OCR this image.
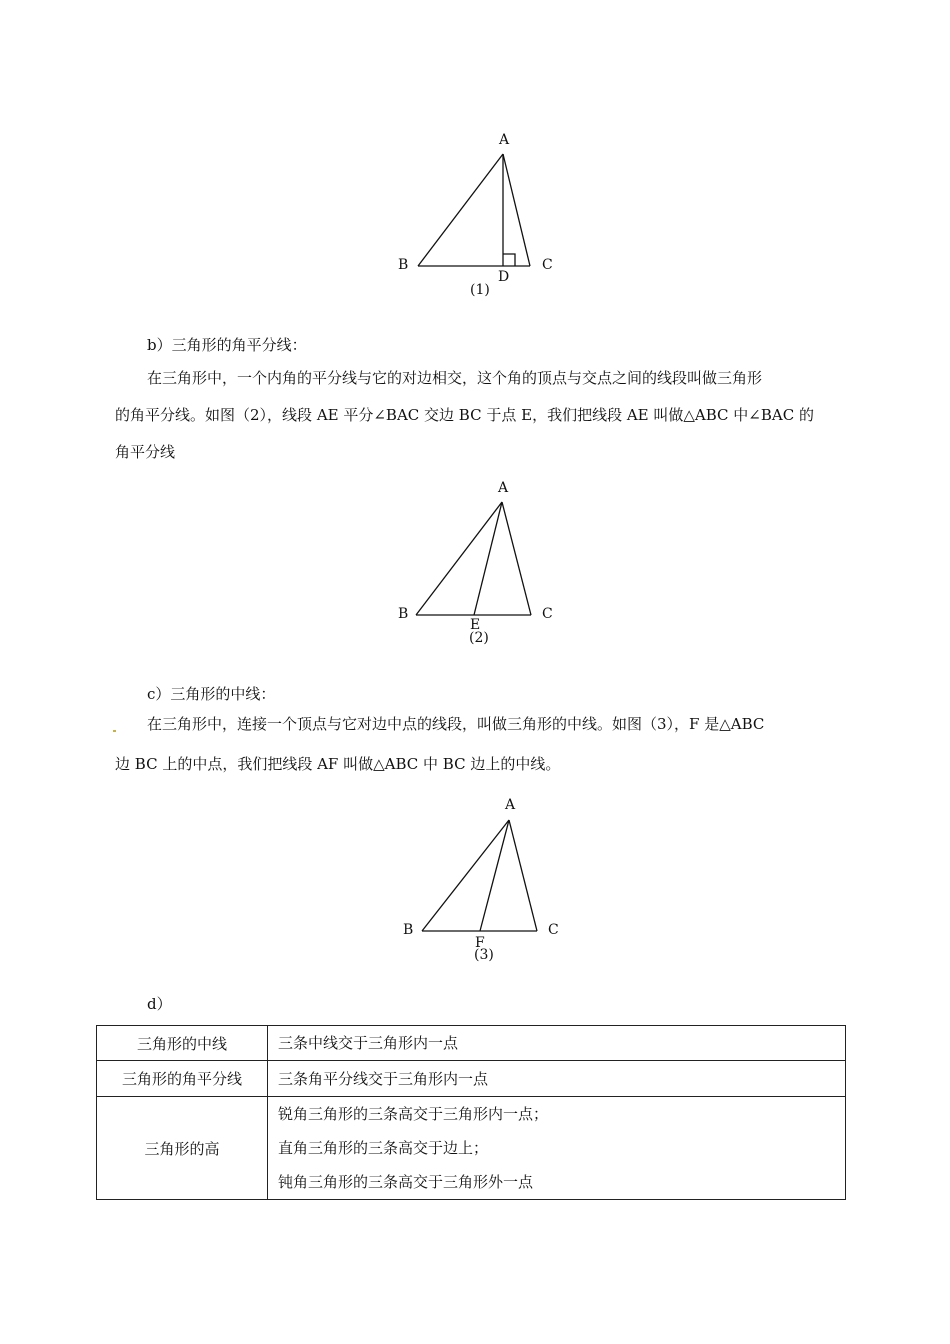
A
B	C
D
(1)
b）三角形的角平分线：
在三角形中，一个内角的平分线与它的对边相交，这个角的顶点与交点之间的线段叫做三角形
的角平分线。如图（2），线段 AE 平分∠BAC 交边 BC 于点 E，我们把线段 AE 叫做△ABC 中∠BAC 的
角平分线
A
B	C
E
(2)
c）三角形的中线：
在三角形中，连接一个顶点与它对边中点的线段，叫做三角形的中线。如图（3），F 是△ABC
边 BC 上的中点，我们把线段 AF 叫做△ABC 中 BC 边上的中线。
A
B	C
F
(3)
d）
三角形的中线	三条中线交于三角形内一点

三角形的角平分线	三条角平分线交于三角形内一点

三角形的高	锐角三角形的三条高交于三角形内一点；
直角三角形的三条高交于边上；
钝角三角形的三条高交于三角形外一点
